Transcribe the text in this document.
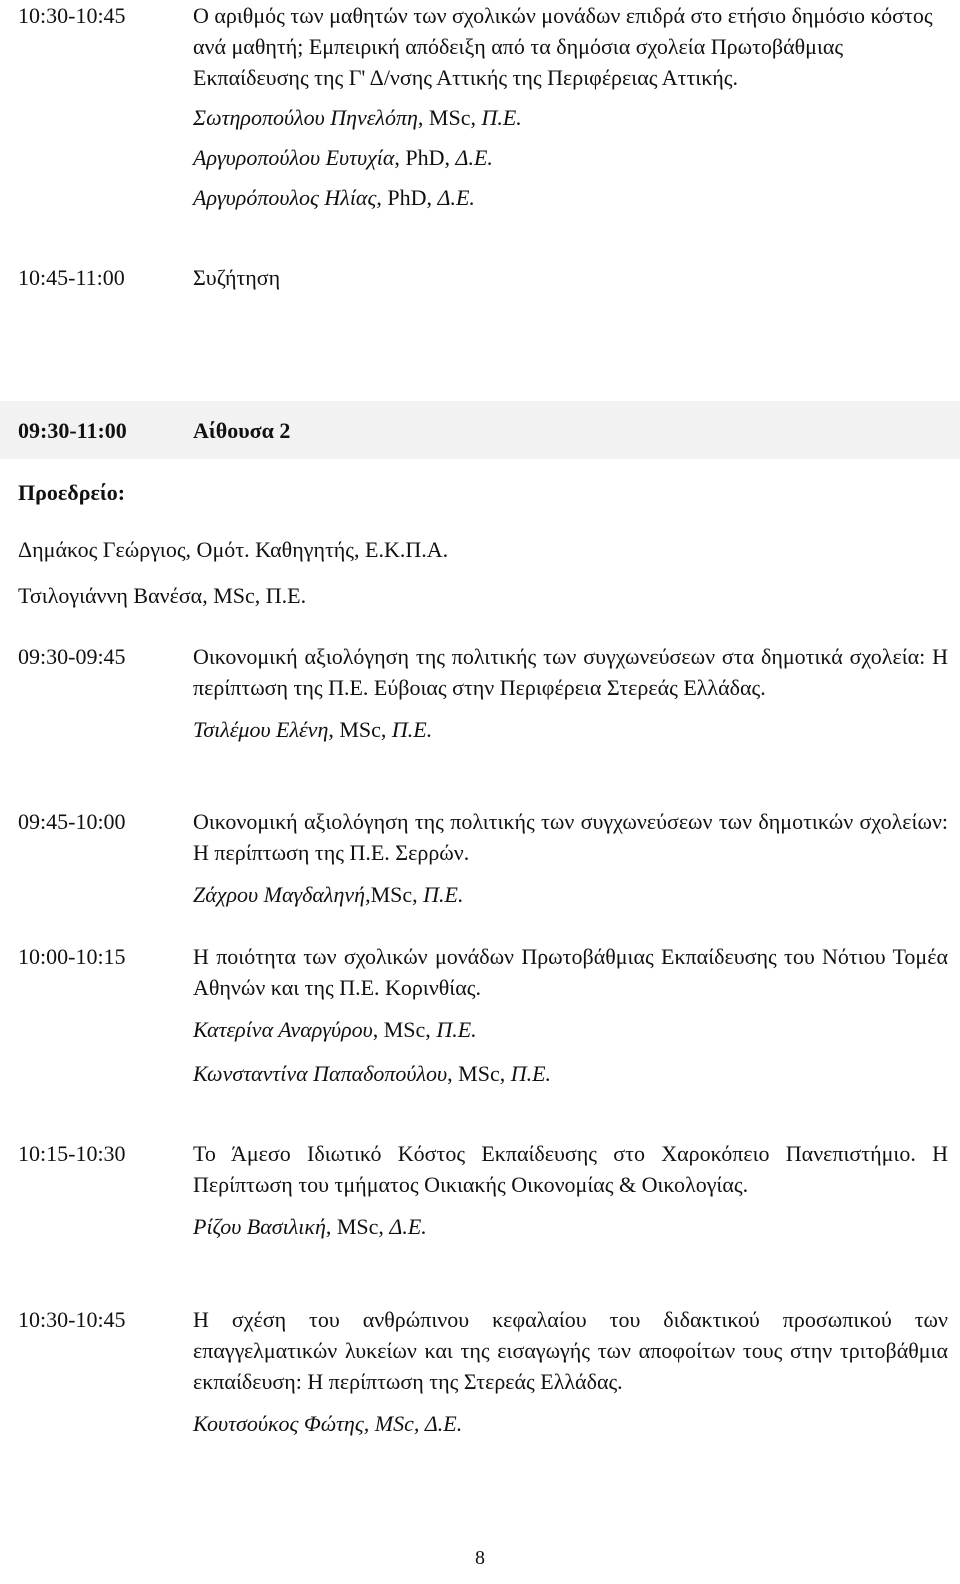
10:30-10:45	Ο αριθμός των μαθητών των σχολικών μονάδων επιδρά στο ετήσιο δημόσιο κόστος ανά μαθητή; Εμπειρική απόδειξη από τα δημόσια σχολεία Πρωτοβάθμιας Εκπαίδευσης της Γ' Δ/νσης Αττικής της Περιφέρειας Αττικής.

Σωτηροπούλου Πηνελόπη, MSc, Π.Ε.
Αργυροπούλου Ευτυχία, PhD, Δ.Ε.
Αργυρόπουλος Ηλίας, PhD, Δ.Ε.
10:45-11:00	Συζήτηση

09:30-11:00	Αίθουσα 2
Προεδρείο:
Δημάκος Γεώργιος, Ομότ. Καθηγητής, Ε.Κ.Π.Α.
Τσιλογιάννη Βανέσα, MSc, Π.Ε.
09:30-09:45	Οικονομική αξιολόγηση της πολιτικής των συγχωνεύσεων στα δημοτικά σχολεία: Η περίπτωση της Π.Ε. Εύβοιας στην Περιφέρεια Στερεάς Ελλάδας.

Τσιλέμου Ελένη, MSc, Π.Ε.
09:45-10:00	Οικονομική αξιολόγηση της πολιτικής των συγχωνεύσεων των δημοτικών σχολείων: Η περίπτωση της Π.Ε. Σερρών.

Ζάχρου Μαγδαληνή,MSc, Π.Ε.
10:00-10:15	Η ποιότητα των σχολικών μονάδων Πρωτοβάθμιας Εκπαίδευσης του Νότιου Τομέα Αθηνών και της Π.Ε. Κορινθίας.

Κατερίνα Αναργύρου, MSc, Π.Ε.
Κωνσταντίνα Παπαδοπούλου, MSc, Π.Ε.
10:15-10:30	Το Άμεσο Ιδιωτικό Κόστος Εκπαίδευσης στο Χαροκόπειο Πανεπιστήμιο. Η Περίπτωση του τμήματος Οικιακής Οικονομίας & Οικολογίας.

Ρίζου Βασιλική, MSc, Δ.Ε.
10:30-10:45	Η σχέση του ανθρώπινου κεφαλαίου του διδακτικού προσωπικού των επαγγελματικών λυκείων και της εισαγωγής των αποφοίτων τους στην τριτοβάθμια εκπαίδευση: Η περίπτωση της Στερεάς Ελλάδας.

Κουτσούκος Φώτης, MSc, Δ.Ε.
8
